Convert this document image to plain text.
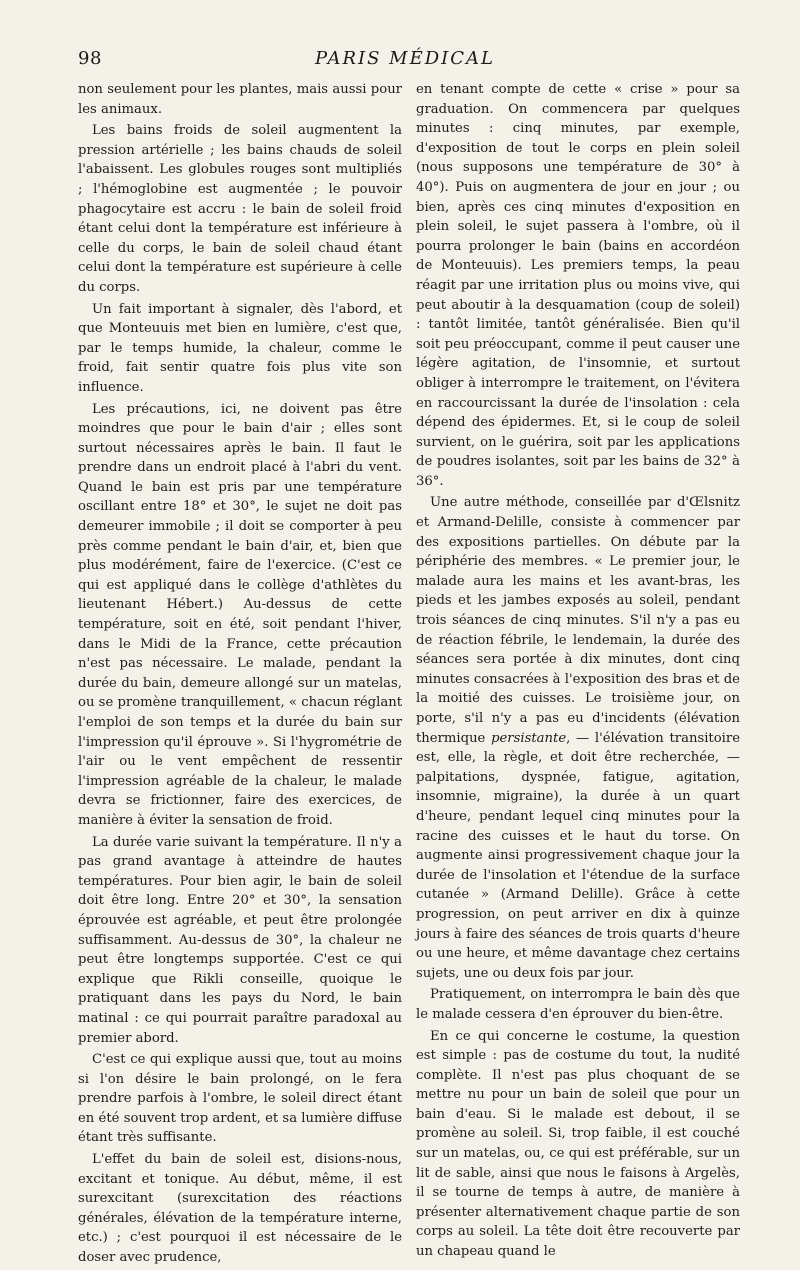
98	PARIS MÉDICAL

non seulement pour les plantes, mais aussi pour les animaux.

Les bains froids de soleil augmentent la pression artérielle ; les bains chauds de soleil l'abaissent. Les globules rouges sont multipliés ; l'hémoglobine est augmentée ; le pouvoir phagocytaire est accru : le bain de soleil froid étant celui dont la température est inférieure à celle du corps, le bain de soleil chaud étant celui dont la température est supérieure à celle du corps.

Un fait important à signaler, dès l'abord, et que Monteuuis met bien en lumière, c'est que, par le temps humide, la chaleur, comme le froid, fait sentir quatre fois plus vite son influence.

Les précautions, ici, ne doivent pas être moindres que pour le bain d'air ; elles sont surtout nécessaires après le bain. Il faut le prendre dans un endroit placé à l'abri du vent. Quand le bain est pris par une température oscillant entre 18° et 30°, le sujet ne doit pas demeurer immobile ; il doit se comporter à peu près comme pendant le bain d'air, et, bien que plus modérément, faire de l'exercice. (C'est ce qui est appliqué dans le collège d'athlètes du lieutenant Hébert.) Au-dessus de cette température, soit en été, soit pendant l'hiver, dans le Midi de la France, cette précaution n'est pas nécessaire. Le malade, pendant la durée du bain, demeure allongé sur un matelas, ou se promène tranquillement, « chacun réglant l'emploi de son temps et la durée du bain sur l'impression qu'il éprouve ». Si l'hygrométrie de l'air ou le vent empêchent de ressentir l'impression agréable de la chaleur, le malade devra se frictionner, faire des exercices, de manière à éviter la sensation de froid.

La durée varie suivant la température. Il n'y a pas grand avantage à atteindre de hautes températures. Pour bien agir, le bain de soleil doit être long. Entre 20° et 30°, la sensation éprouvée est agréable, et peut être prolongée suffisamment. Au-dessus de 30°, la chaleur ne peut être longtemps supportée. C'est ce qui explique que Rikli conseille, quoique le pratiquant dans les pays du Nord, le bain matinal : ce qui pourrait paraître paradoxal au premier abord.

C'est ce qui explique aussi que, tout au moins si l'on désire le bain prolongé, on le fera prendre parfois à l'ombre, le soleil direct étant en été souvent trop ardent, et sa lumière diffuse étant très suffisante.

L'effet du bain de soleil est, disions-nous, excitant et tonique. Au début, même, il est surexcitant (surexcitation des réactions générales, élévation de la température interne, etc.) ; c'est pourquoi il est nécessaire de le doser avec prudence,

en tenant compte de cette « crise » pour sa graduation. On commencera par quelques minutes : cinq minutes, par exemple, d'exposition de tout le corps en plein soleil (nous supposons une température de 30° à 40°). Puis on augmentera de jour en jour ; ou bien, après ces cinq minutes d'exposition en plein soleil, le sujet passera à l'ombre, où il pourra prolonger le bain (bains en accordéon de Monteuuis). Les premiers temps, la peau réagit par une irritation plus ou moins vive, qui peut aboutir à la desquamation (coup de soleil) : tantôt limitée, tantôt généralisée. Bien qu'il soit peu préoccupant, comme il peut causer une légère agitation, de l'insomnie, et surtout obliger à interrompre le traitement, on l'évitera en raccourcissant la durée de l'insolation : cela dépend des épidermes. Et, si le coup de soleil survient, on le guérira, soit par les applications de poudres isolantes, soit par les bains de 32° à 36°.

Une autre méthode, conseillée par d'Œlsnitz et Armand-Delille, consiste à commencer par des expositions partielles. On débute par la périphérie des membres. « Le premier jour, le malade aura les mains et les avant-bras, les pieds et les jambes exposés au soleil, pendant trois séances de cinq minutes. S'il n'y a pas eu de réaction fébrile, le lendemain, la durée des séances sera portée à dix minutes, dont cinq minutes consacrées à l'exposition des bras et de la moitié des cuisses. Le troisième jour, on porte, s'il n'y a pas eu d'incidents (élévation thermique persistante, — l'élévation transitoire est, elle, la règle, et doit être recherchée, — palpitations, dyspnée, fatigue, agitation, insomnie, migraine), la durée à un quart d'heure, pendant lequel cinq minutes pour la racine des cuisses et le haut du torse. On augmente ainsi progressivement chaque jour la durée de l'insolation et l'étendue de la surface cutanée » (Armand Delille). Grâce à cette progression, on peut arriver en dix à quinze jours à faire des séances de trois quarts d'heure ou une heure, et même davantage chez certains sujets, une ou deux fois par jour.

Pratiquement, on interrompra le bain dès que le malade cessera d'en éprouver du bien-être.

En ce qui concerne le costume, la question est simple : pas de costume du tout, la nudité complète. Il n'est pas plus choquant de se mettre nu pour un bain de soleil que pour un bain d'eau. Si le malade est debout, il se promène au soleil. Si, trop faible, il est couché sur un matelas, ou, ce qui est préférable, sur un lit de sable, ainsi que nous le faisons à Argelès, il se tourne de temps à autre, de manière à présenter alternativement chaque partie de son corps au soleil. La tête doit être recouverte par un chapeau quand le
